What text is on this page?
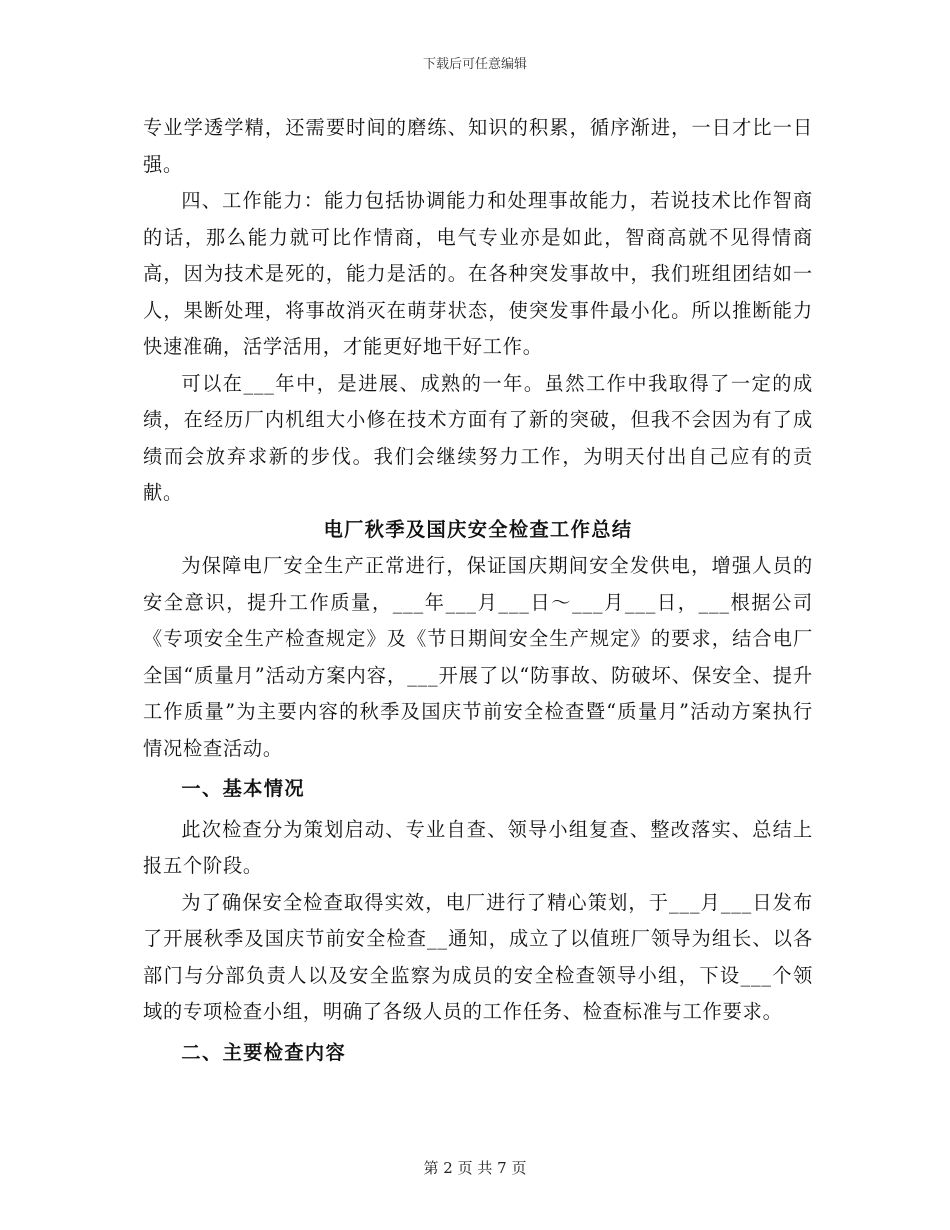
下载后可任意编辑

专业学透学精，还需要时间的磨练、知识的积累，循序渐进，一日才比一日强。

四、工作能力：能力包括协调能力和处理事故能力，若说技术比作智商的话，那么能力就可比作情商，电气专业亦是如此，智商高就不见得情商高，因为技术是死的，能力是活的。在各种突发事故中，我们班组团结如一人，果断处理，将事故消灭在萌芽状态，使突发事件最小化。所以推断能力快速准确，活学活用，才能更好地干好工作。

可以在___年中，是进展、成熟的一年。虽然工作中我取得了一定的成绩，在经历厂内机组大小修在技术方面有了新的突破，但我不会因为有了成绩而会放弃求新的步伐。我们会继续努力工作，为明天付出自己应有的贡献。

电厂秋季及国庆安全检查工作总结

为保障电厂安全生产正常进行，保证国庆期间安全发供电，增强人员的安全意识，提升工作质量，___年___月___日～___月___日，___根据公司《专项安全生产检查规定》及《节日期间安全生产规定》的要求，结合电厂全国“质量月”活动方案内容，___开展了以“防事故、防破坏、保安全、提升工作质量”为主要内容的秋季及国庆节前安全检查暨“质量月”活动方案执行情况检查活动。

一、基本情况

此次检查分为策划启动、专业自查、领导小组复查、整改落实、总结上报五个阶段。

为了确保安全检查取得实效，电厂进行了精心策划，于___月___日发布了开展秋季及国庆节前安全检查__通知，成立了以值班厂领导为组长、以各部门与分部负责人以及安全监察为成员的安全检查领导小组，下设___个领域的专项检查小组，明确了各级人员的工作任务、检查标准与工作要求。

二、主要检查内容

第 2 页 共 7 页
